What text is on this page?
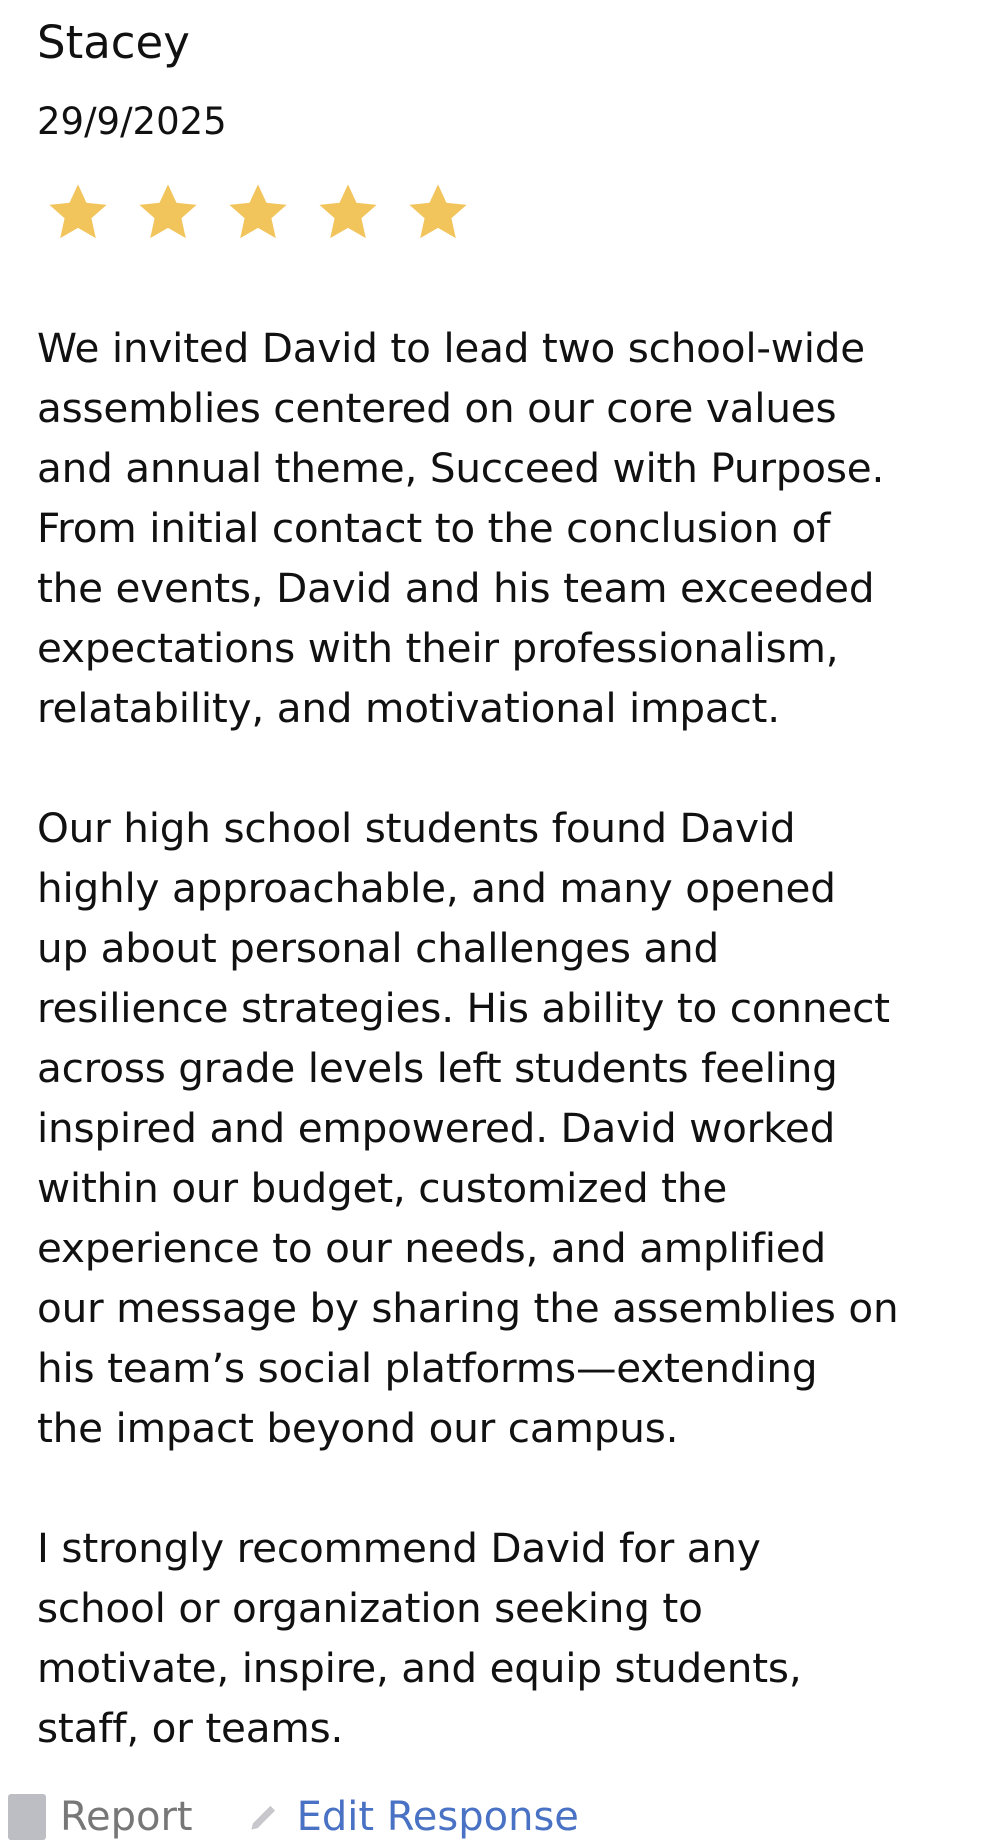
Stacey
29/9/2025

We invited David to lead two school-wide
assemblies centered on our core values
and annual theme, Succeed with Purpose.
From initial contact to the conclusion of
the events, David and his team exceeded
expectations with their professionalism,
relatability, and motivational impact.

Our high school students found David
highly approachable, and many opened
up about personal challenges and
resilience strategies. His ability to connect
across grade levels left students feeling
inspired and empowered. David worked
within our budget, customized the
experience to our needs, and amplified
our message by sharing the assemblies on
his team’s social platforms—extending
the impact beyond our campus.

I strongly recommend David for any
school or organization seeking to
motivate, inspire, and equip students,
staff, or teams.

Report	Edit Response
